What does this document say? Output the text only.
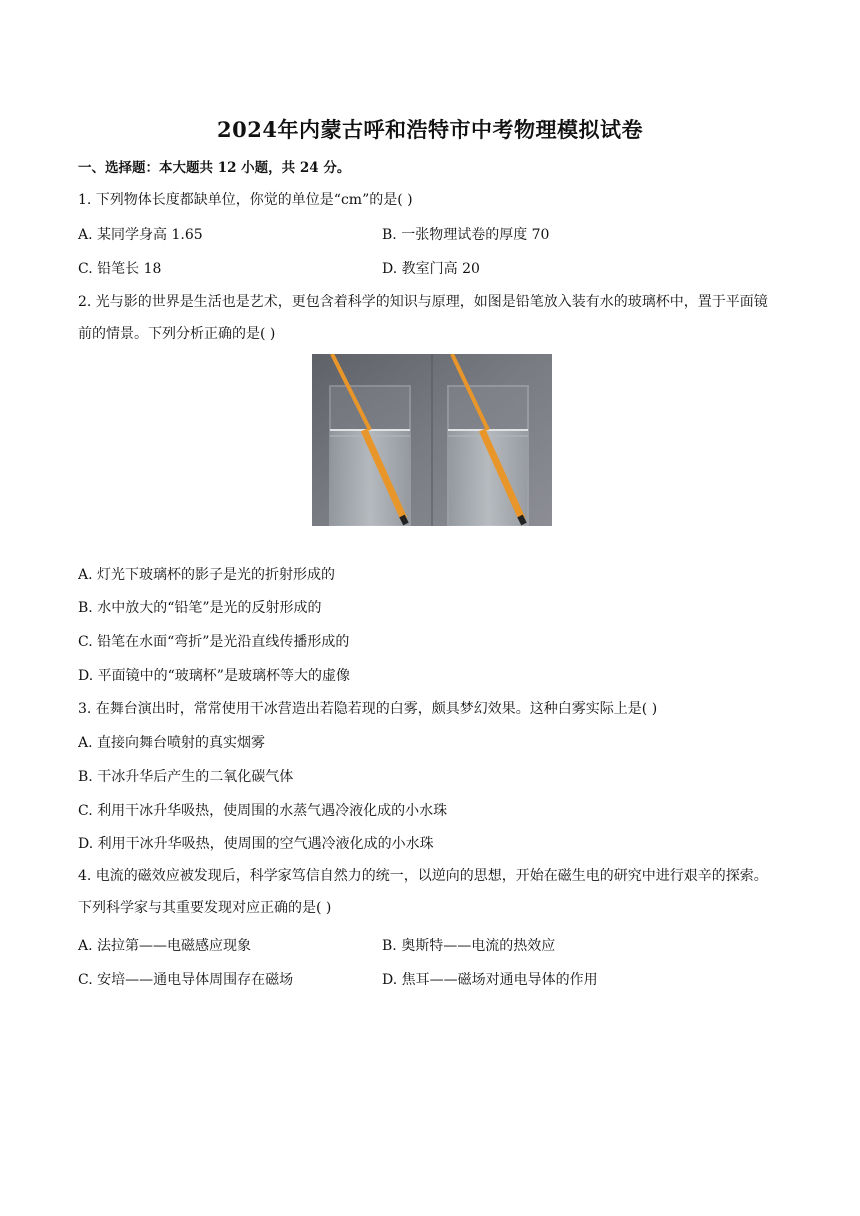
2024年内蒙古呼和浩特市中考物理模拟试卷
一、选择题：本大题共 12 小题，共 24 分。
1. 下列物体长度都缺单位，你觉的单位是“cm”的是( )
A. 某同学身高 1.65	B. 一张物理试卷的厚度 70
C. 铅笔长 18	D. 教室门高 20
2. 光与影的世界是生活也是艺术，更包含着科学的知识与原理，如图是铅笔放入装有水的玻璃杯中，置于平面镜前的情景。下列分析正确的是( )
A. 灯光下玻璃杯的影子是光的折射形成的
B. 水中放大的“铅笔”是光的反射形成的
C. 铅笔在水面“弯折”是光沿直线传播形成的
D. 平面镜中的“玻璃杯”是玻璃杯等大的虚像
3. 在舞台演出时，常常使用干冰营造出若隐若现的白雾，颇具梦幻效果。这种白雾实际上是( )
A. 直接向舞台喷射的真实烟雾
B. 干冰升华后产生的二氧化碳气体
C. 利用干冰升华吸热，使周围的水蒸气遇冷液化成的小水珠
D. 利用干冰升华吸热，使周围的空气遇冷液化成的小水珠
4. 电流的磁效应被发现后，科学家笃信自然力的统一，以逆向的思想，开始在磁生电的研究中进行艰辛的探索。下列科学家与其重要发现对应正确的是( )
A. 法拉第——电磁感应现象	B. 奥斯特——电流的热效应
C. 安培——通电导体周围存在磁场	D. 焦耳——磁场对通电导体的作用
